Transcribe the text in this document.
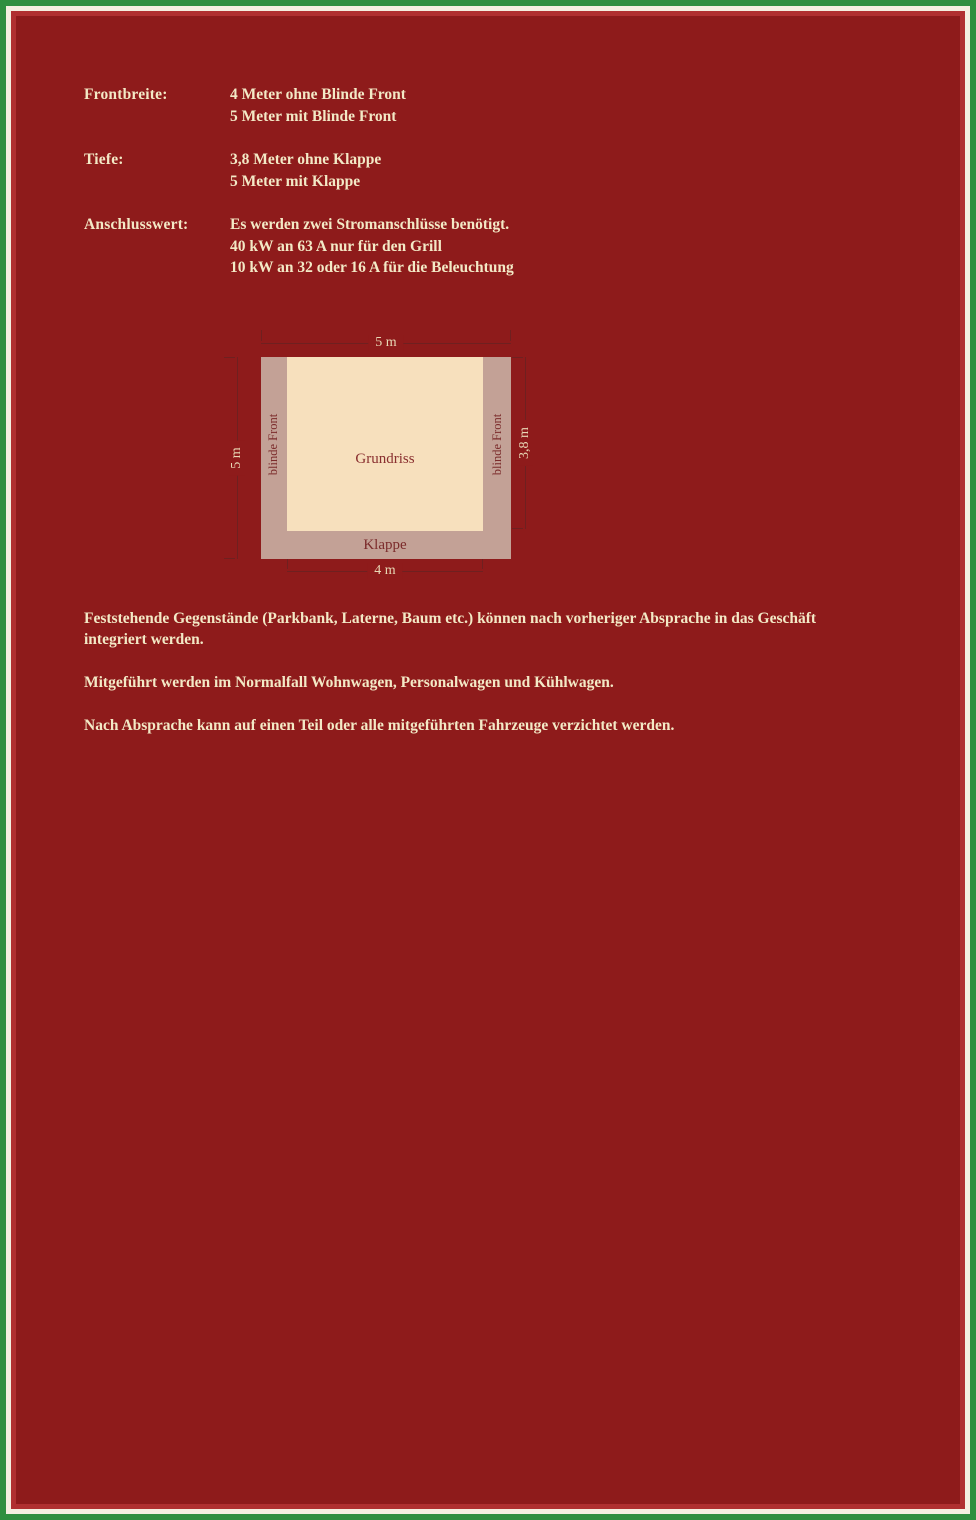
Frontbreite:	4 Meter ohne Blinde Front
5 Meter mit Blinde Front
Tiefe:	3,8 Meter ohne Klappe
5 Meter mit Klappe
Anschlusswert:	Es werden zwei Stromanschlüsse benötigt.
40 kW an 63 A nur für den Grill
10 kW an 32 oder 16 A für die Beleuchtung
5 m
4 m
5 m	3,8 m
Grundriss
blinde Front	blinde Front
Klappe

Feststehende Gegenstände (Parkbank, Laterne, Baum etc.) können nach vorheriger Absprache in das Geschäft integriert werden.

Mitgeführt werden im Normalfall Wohnwagen, Personalwagen und Kühlwagen.

Nach Absprache kann auf einen Teil oder alle mitgeführten Fahrzeuge verzichtet werden.
